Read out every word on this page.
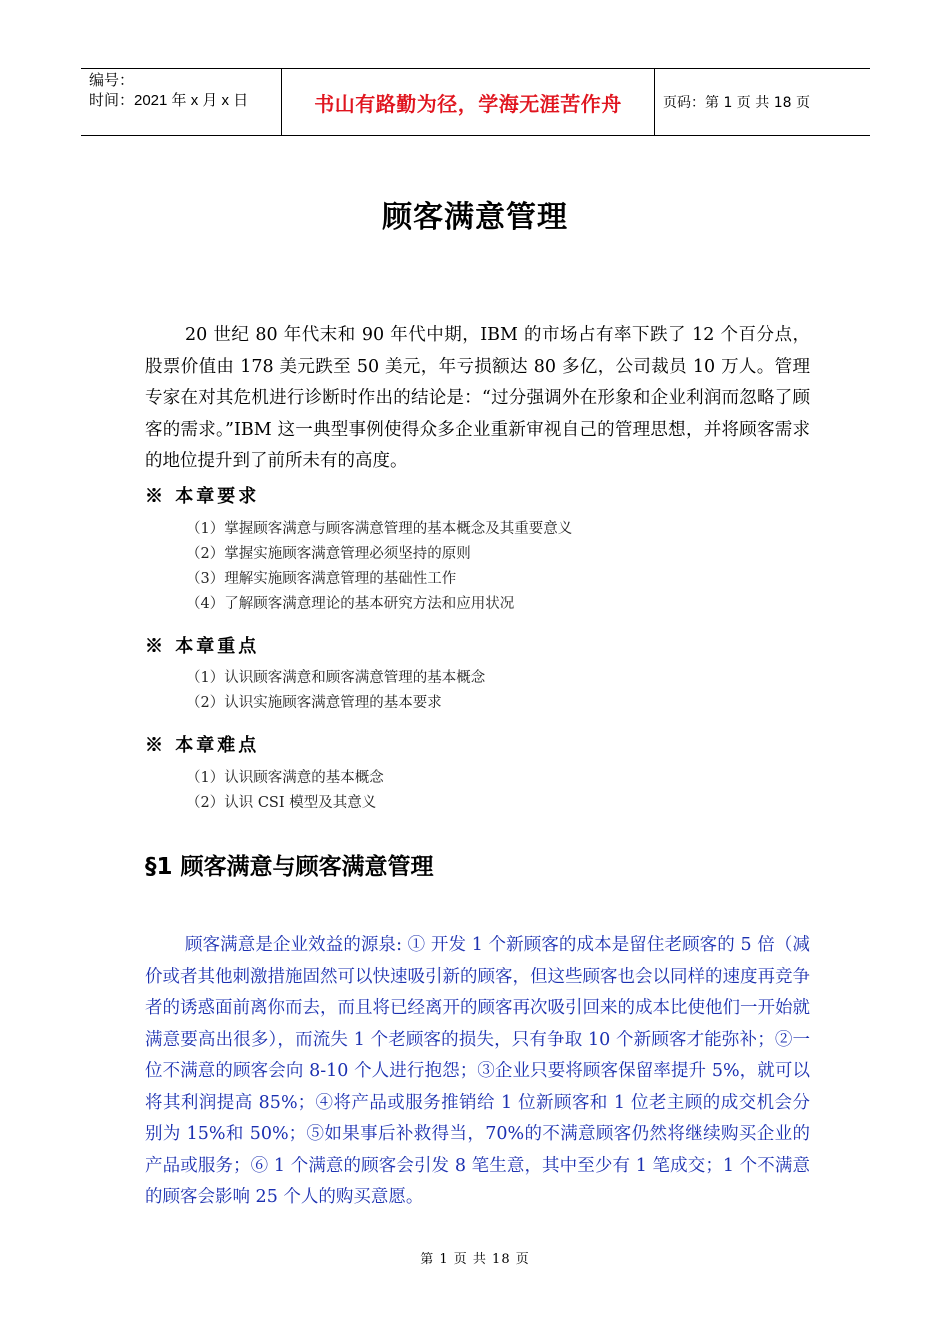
编号：
时间：2021 年 x 月 x 日	书山有路勤为径，学海无涯苦作舟	页码：第 1 页 共 18 页
顾客满意管理
20 世纪 80 年代末和 90 年代中期，IBM 的市场占有率下跌了 12 个百分点，股票价值由 178 美元跌至 50 美元，年亏损额达 80 多亿，公司裁员 10 万人。管理专家在对其危机进行诊断时作出的结论是：“过分强调外在形象和企业利润而忽略了顾客的需求。”IBM 这一典型事例使得众多企业重新审视自己的管理思想，并将顾客需求的地位提升到了前所未有的高度。
※ 本章要求
（1）掌握顾客满意与顾客满意管理的基本概念及其重要意义
（2）掌握实施顾客满意管理必须坚持的原则
（3）理解实施顾客满意管理的基础性工作
（4）了解顾客满意理论的基本研究方法和应用状况
※ 本章重点
（1）认识顾客满意和顾客满意管理的基本概念
（2）认识实施顾客满意管理的基本要求
※ 本章难点
（1）认识顾客满意的基本概念
（2）认识 CSI 模型及其意义
§1 顾客满意与顾客满意管理
顾客满意是企业效益的源泉: ① 开发 1 个新顾客的成本是留住老顾客的 5 倍（减价或者其他刺激措施固然可以快速吸引新的顾客，但这些顾客也会以同样的速度再竞争者的诱惑面前离你而去，而且将已经离开的顾客再次吸引回来的成本比使他们一开始就满意要高出很多），而流失 1 个老顾客的损失，只有争取 10 个新顾客才能弥补；②一位不满意的顾客会向 8-10 个人进行抱怨；③企业只要将顾客保留率提升 5%，就可以将其利润提高 85%；④将产品或服务推销给 1 位新顾客和 1 位老主顾的成交机会分别为 15%和 50%；⑤如果事后补救得当，70%的不满意顾客仍然将继续购买企业的产品或服务；⑥ 1 个满意的顾客会引发 8 笔生意，其中至少有 1 笔成交；1 个不满意的顾客会影响 25 个人的购买意愿。
第 1 页 共 18 页
